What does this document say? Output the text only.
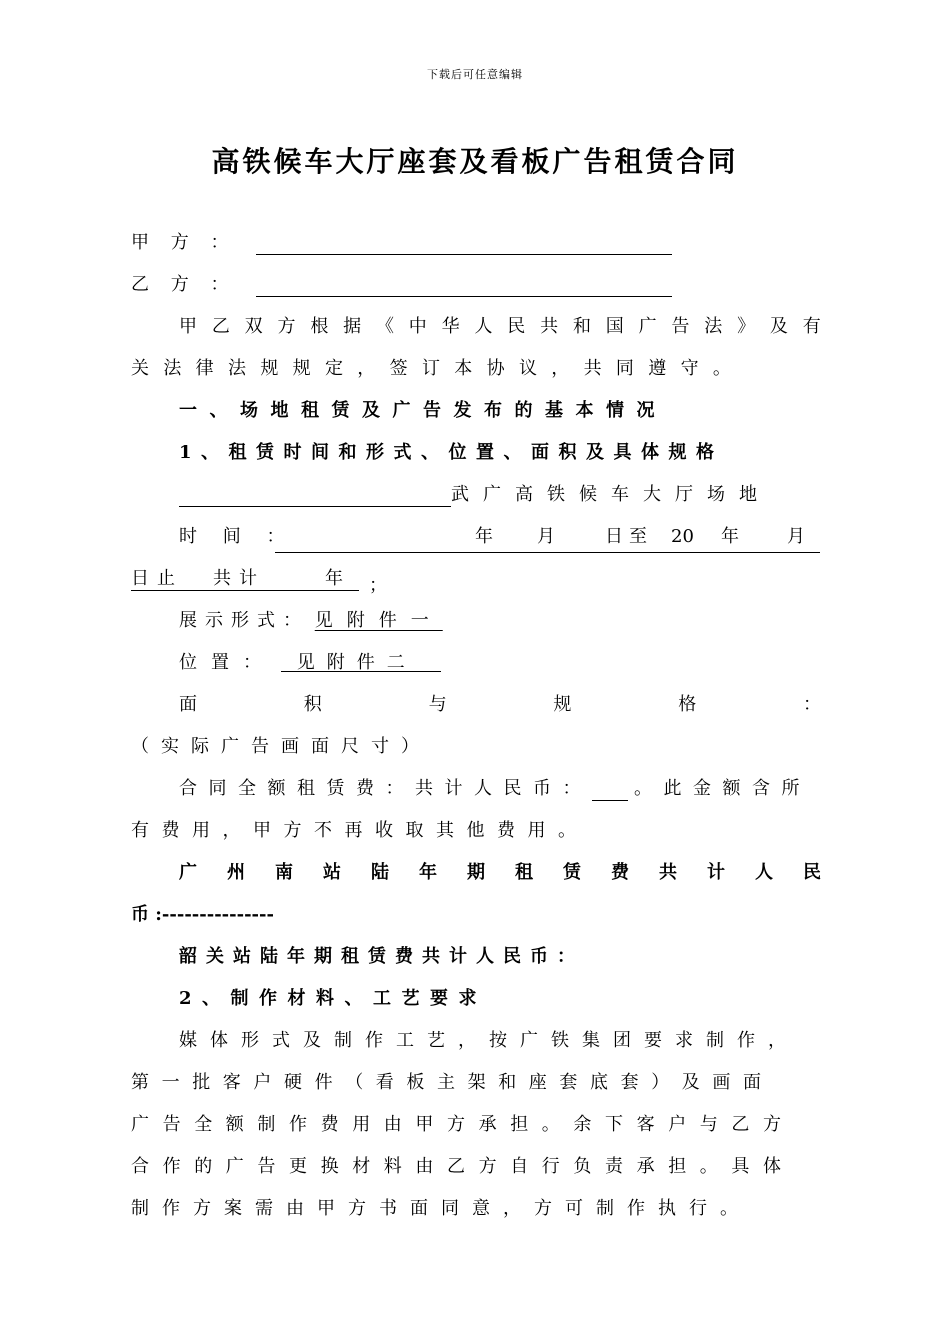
下载后可任意编辑
高铁候车大厅座套及看板广告租赁合同
甲 方 ：
乙 方 ：
甲 乙 双 方 根 据 《 中 华 人 民 共 和 国 广 告 法 》 及 有
关 法 律 法 规 规 定 ， 签 订 本 协 议 ， 共 同 遵 守 。
一、场地租赁及广告发布的基本情况
1、租赁时间和形式、位置、面积及具体规格
武广高铁候车大厅场地
时 间 ：	年 月	日至 20 年	月
日止 共计	年 ；
展示形式： 见附件一
位置： 见附件二
面	积	与	规	格	：
（实际广告画面尺寸）
合同全额租赁费：共计人民币： 。此金额含所
有费用，甲方不再收取其他费用。
广 州 南 站 陆 年 期 租 赁 费 共 计 人 民
币 :---------------
韶关站陆年期租赁费共计人民币：
2、制作材料、工艺要求
媒体形式及制作工艺，按广铁集团要求制作，
第一批客户硬件（看板主架和座套底套）及画面
广告全额制作费用由甲方承担。余下客户与乙方
合作的广告更换材料由乙方自行负责承担。具体
制作方案需由甲方书面同意，方可制作执行。
